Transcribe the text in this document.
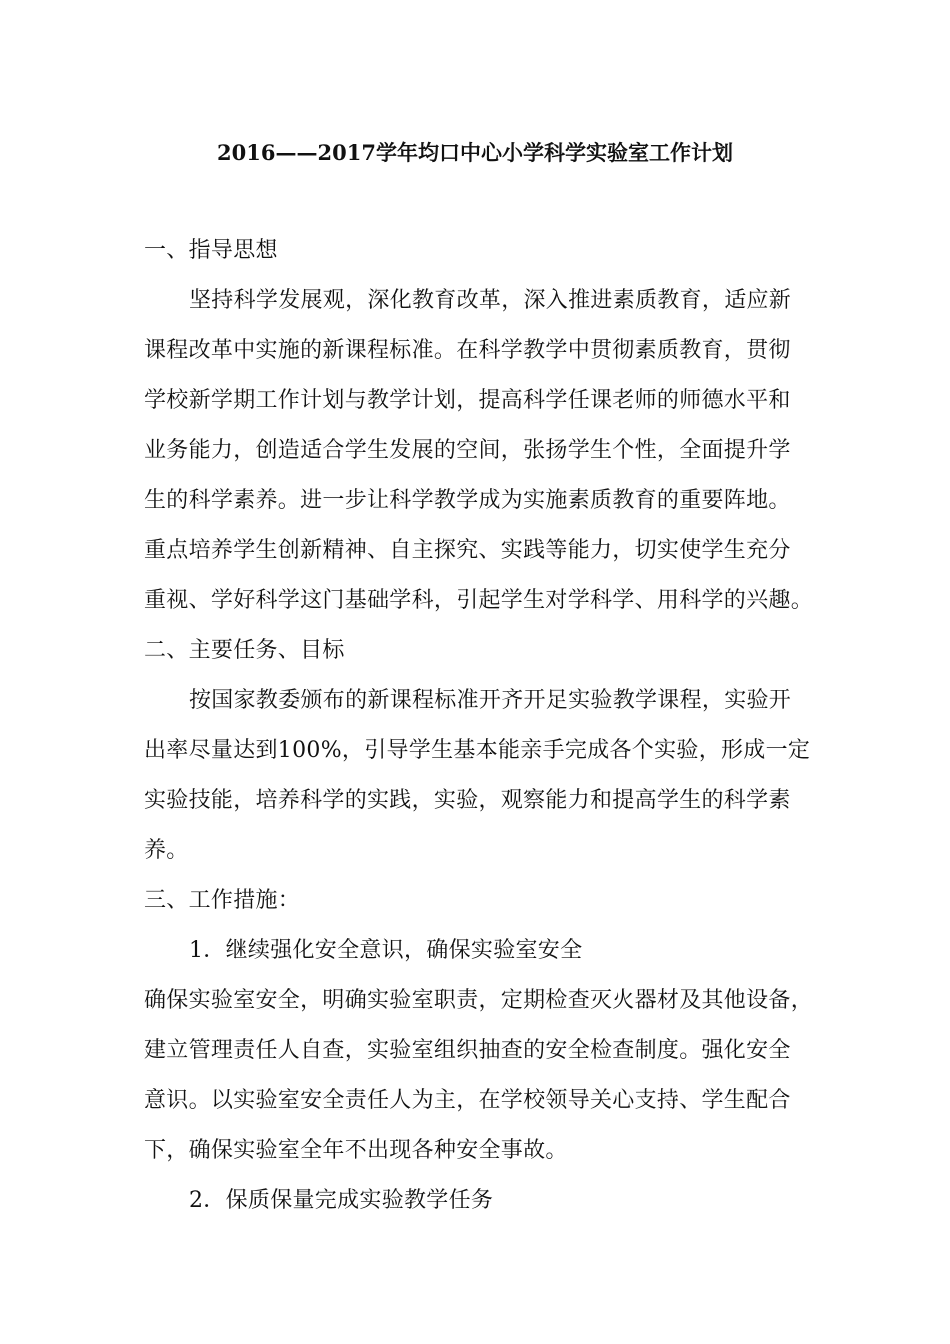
2016——2017学年均口中心小学科学实验室工作计划
一、指导思想
坚持科学发展观，深化教育改革，深入推进素质教育，适应新
课程改革中实施的新课程标准。在科学教学中贯彻素质教育，贯彻
学校新学期工作计划与教学计划，提高科学任课老师的师德水平和
业务能力，创造适合学生发展的空间，张扬学生个性，全面提升学
生的科学素养。进一步让科学教学成为实施素质教育的重要阵地。
重点培养学生创新精神、自主探究、实践等能力，切实使学生充分
重视、学好科学这门基础学科，引起学生对学科学、用科学的兴趣。
二、主要任务、目标
按国家教委颁布的新课程标准开齐开足实验教学课程，实验开
出率尽量达到100%，引导学生基本能亲手完成各个实验，形成一定
实验技能，培养科学的实践，实验，观察能力和提高学生的科学素
养。
三、工作措施：
1．继续强化安全意识，确保实验室安全
确保实验室安全，明确实验室职责，定期检查灭火器材及其他设备，
建立管理责任人自查，实验室组织抽查的安全检查制度。强化安全
意识。以实验室安全责任人为主，在学校领导关心支持、学生配合
下，确保实验室全年不出现各种安全事故。
2．保质保量完成实验教学任务
